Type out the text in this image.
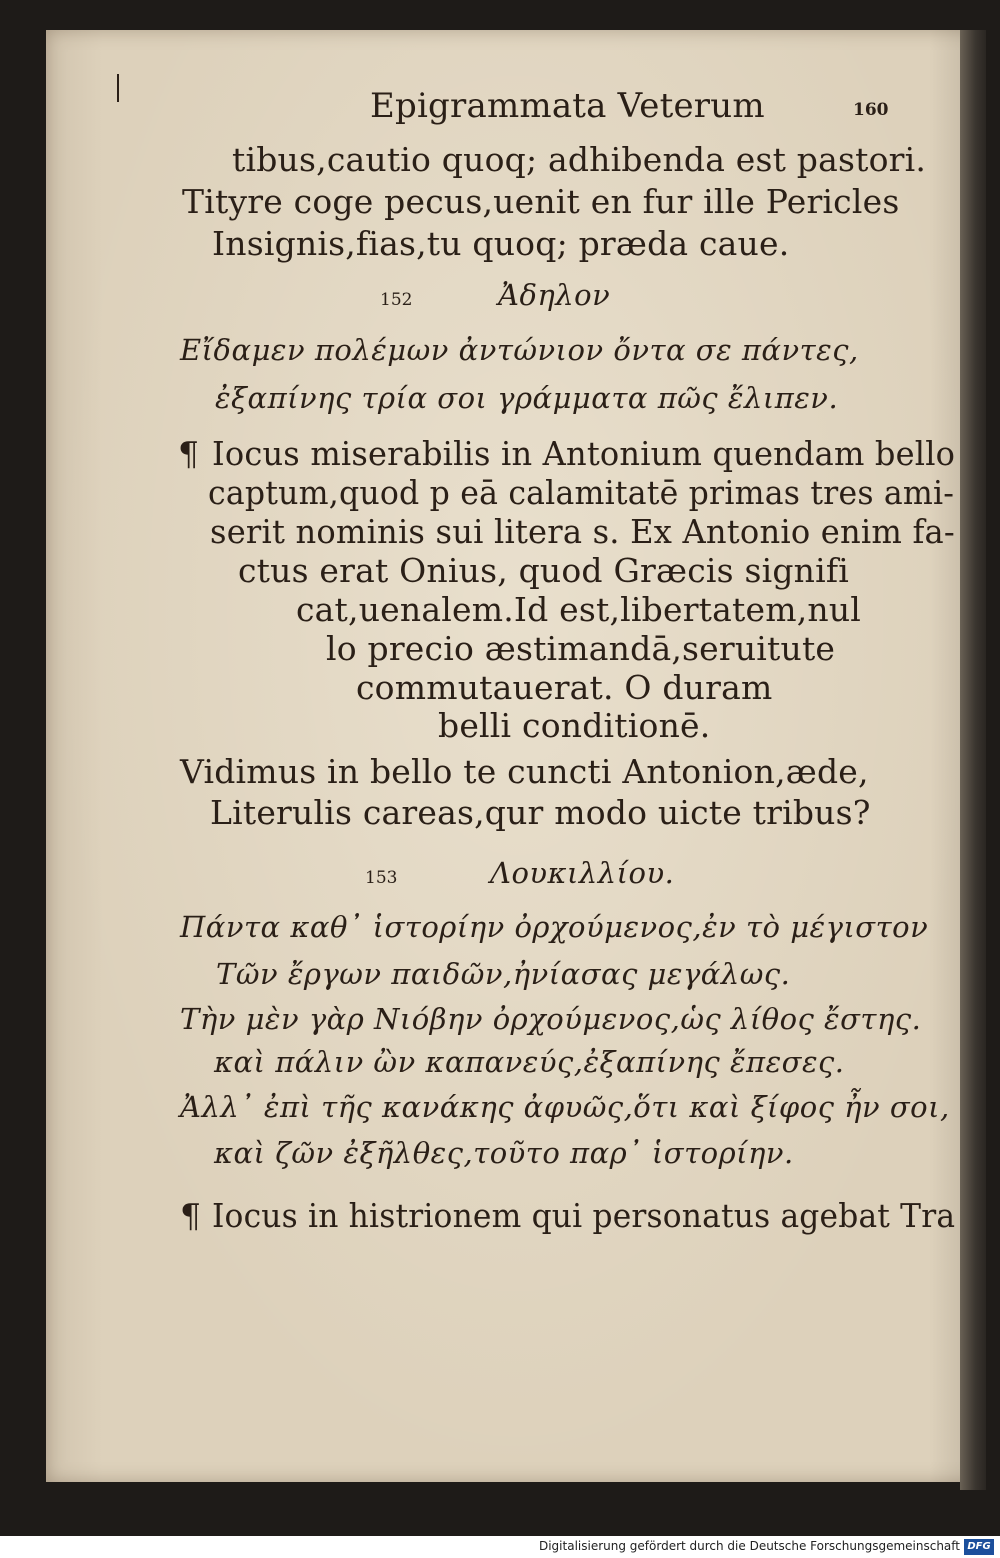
Epigrammata Veterum	160
tibus,cautio quoq; adhibenda est pastori.
Tityre coge pecus,uenit en fur ille Pericles
Insignis,fias,tu quoq; præda caue.
152	Ἀδηλον
Εἴδαμεν πολέμων ἀντώνιον ὄντα σε πάντες,
ἐξαπίνης τρία σοι γράμματα πῶς ἔλιπεν.
¶ Iocus miserabilis in Antonium quendam bello
captum,quod p eā calamitatē primas tres ami-
serit nominis sui litera s. Ex Antonio enim fa-
ctus erat Onius, quod Græcis signifi
cat,uenalem.Id est,libertatem,nul
lo precio æstimandā,seruitute
commutauerat. O duram
belli conditionē.
Vidimus in bello te cuncti Antonion,æde,
Literulis careas,qur modo uicte tribus?
153	Λουκιλλίου.
Πάντα καθ᾽ ἱστορίην ὀρχούμενος,ἐν τὸ μέγιστον
Τῶν ἔργων παιδῶν,ἠνίασας μεγάλως.
Τὴν μὲν γὰρ Νιόβην ὀρχούμενος,ὡς λίθος ἔστης.
καὶ πάλιν ὢν καπανεύς,ἐξαπίνης ἔπεσες.
Ἀλλ᾽ ἐπὶ τῆς κανάκης ἀφυῶς,ὅτι καὶ ξίφος ἦν σοι,
καὶ ζῶν ἐξῆλθες,τοῦτο παρ᾽ ἱστορίην.
¶ Iocus in histrionem qui personatus agebat Tra
Digitalisierung gefördert durch die Deutsche Forschungsgemeinschaft DFG
